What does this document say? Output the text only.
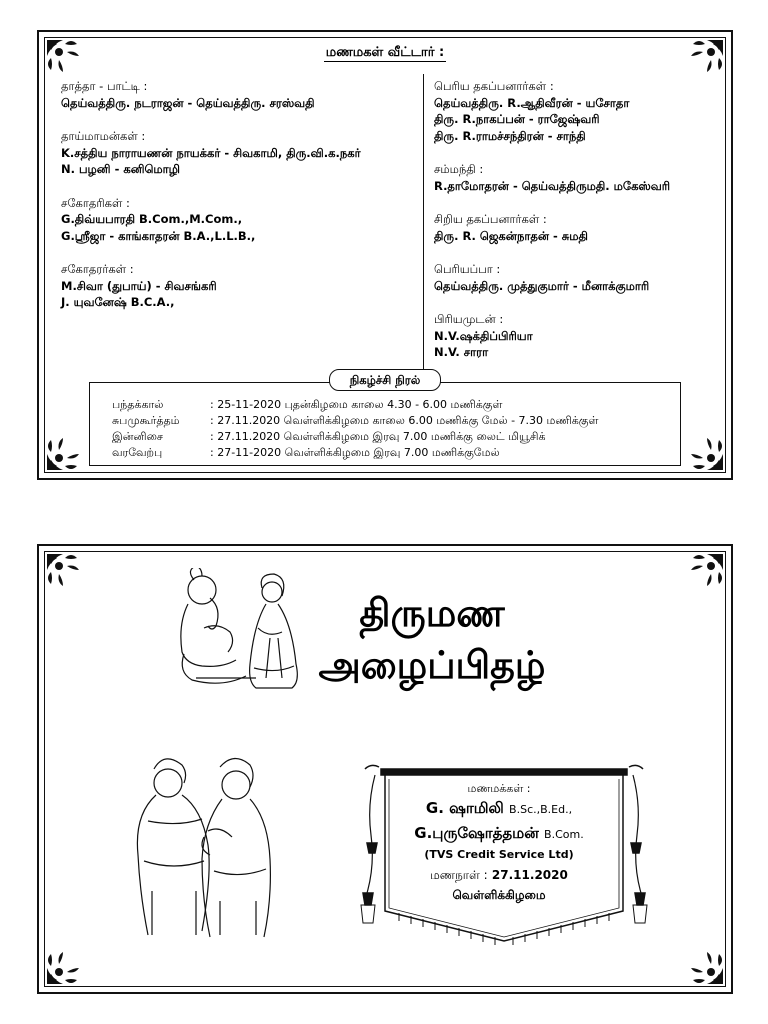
மணமகள் வீட்டார் :
தாத்தா - பாட்டி :
தெய்வத்திரு. நடராஜன் - தெய்வத்திரு. சரஸ்வதி
தாய்மாமன்கள் :
K.சத்திய நாராயணன் நாயக்கர் - சிவகாமி, திரு.வி.க.நகர்
N. பழனி - கனிமொழி
சகோதரிகள் :
G.திவ்யபாரதி B.Com.,M.Com.,
G.ஸ்ரீஜா - காங்காதரன் B.A.,L.L.B.,
சகோதரர்கள் :
M.சிவா (துபாய்) - சிவசங்கரி
J. யுவனேஷ் B.C.A.,
பெரிய தகப்பனார்கள் :
தெய்வத்திரு. R.ஆதிவீரன் - யசோதா
திரு. R.நாகப்பன் - ராஜேஷ்வரி
திரு. R.ராமச்சந்திரன் - சாந்தி
சம்மந்தி :
R.தாமோதரன் - தெய்வத்திருமதி. மகேஸ்வரி
சிறிய தகப்பனார்கள் :
திரு. R. ஜெகன்நாதன் - சுமதி
பெரியப்பா :
தெய்வத்திரு. முத்துகுமார் - மீனாக்குமாரி
பிரியமுடன் :
N.V.ஷக்திப்பிரியா
N.V. சாரா
பந்தக்கால்	: 25-11-2020 புதன்கிழமை காலை 4.30 - 6.00 மணிக்குள்
சுபமுகூர்த்தம்	: 27.11.2020 வெள்ளிக்கிழமை காலை 6.00 மணிக்கு மேல் - 7.30 மணிக்குள்
இன்னிசை	: 27.11.2020 வெள்ளிக்கிழமை இரவு 7.00 மணிக்கு லைட் மியூசிக்
வரவேற்பு	: 27-11-2020 வெள்ளிக்கிழமை இரவு 7.00 மணிக்குமேல்
நிகழ்ச்சி நிரல்
திருமண
அழைப்பிதழ்
மணமக்கள் :
G. ஷாமிலி B.Sc.,B.Ed.,
G.புருஷோத்தமன் B.Com.
(TVS Credit Service Ltd)
மணநாள் : 27.11.2020
வெள்ளிக்கிழமை
